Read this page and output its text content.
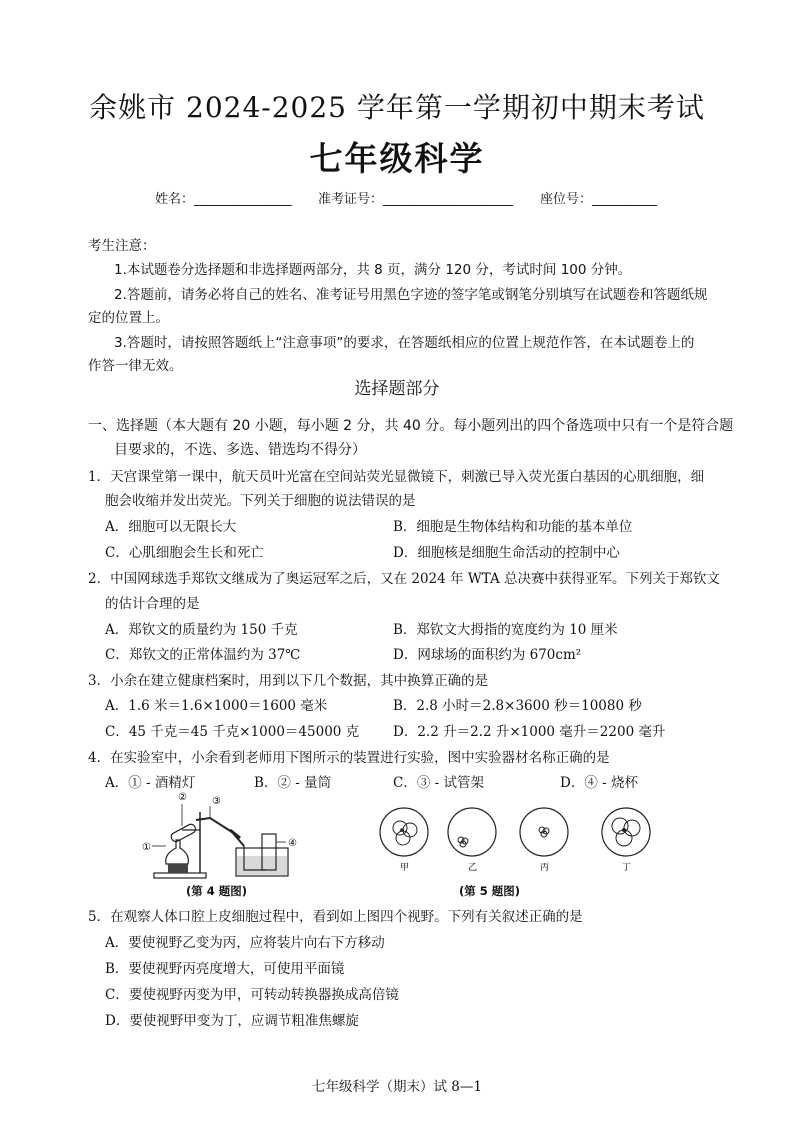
余姚市 2024-2025 学年第一学期初中期末考试
七年级科学
姓名：_______________ 准考证号：____________________ 座位号：__________
考生注意：
1.本试题卷分选择题和非选择题两部分，共 8 页，满分 120 分，考试时间 100 分钟。
2.答题前，请务必将自己的姓名、准考证号用黑色字迹的签字笔或钢笔分别填写在试题卷和答题纸规
定的位置上。
3.答题时，请按照答题纸上“注意事项”的要求，在答题纸相应的位置上规范作答，在本试题卷上的
作答一律无效。
选择题部分
一、选择题（本大题有 20 小题，每小题 2 分，共 40 分。每小题列出的四个备选项中只有一个是符合题
目要求的，不选、多选、错选均不得分）
1．天宫课堂第一课中，航天员叶光富在空间站荧光显微镜下，刺激已导入荧光蛋白基因的心肌细胞，细
胞会收缩并发出荧光。下列关于细胞的说法错误的是
A．细胞可以无限长大	B．细胞是生物体结构和功能的基本单位
C．心肌细胞会生长和死亡	D．细胞核是细胞生命活动的控制中心
2．中国网球选手郑钦文继成为了奥运冠军之后，又在 2024 年 WTA 总决赛中获得亚军。下列关于郑钦文
的估计合理的是
A．郑钦文的质量约为 150 千克	B．郑钦文大拇指的宽度约为 10 厘米
C．郑钦文的正常体温约为 37℃	D．网球场的面积约为 670cm²
3．小余在建立健康档案时，用到以下几个数据，其中换算正确的是
A．1.6 米＝1.6×1000＝1600 毫米	B．2.8 小时＝2.8×3600 秒＝10080 秒
C．45 千克＝45 千克×1000＝45000 克	D．2.2 升＝2.2 升×1000 毫升＝2200 毫升
4．在实验室中，小余看到老师用下图所示的装置进行实验，图中实验器材名称正确的是
A．① - 酒精灯	B．② - 量筒	C．③ - 试管架	D．④ - 烧杯
①
②	③
④
(第 4 题图)
甲	乙	丙	丁
(第 5 题图)
5．在观察人体口腔上皮细胞过程中，看到如上图四个视野。下列有关叙述正确的是
A．要使视野乙变为丙，应将装片向右下方移动
B．要使视野丙亮度增大，可使用平面镜
C．要使视野丙变为甲，可转动转换器换成高倍镜
D．要使视野甲变为丁，应调节粗准焦螺旋
七年级科学（期末）试 8—1
